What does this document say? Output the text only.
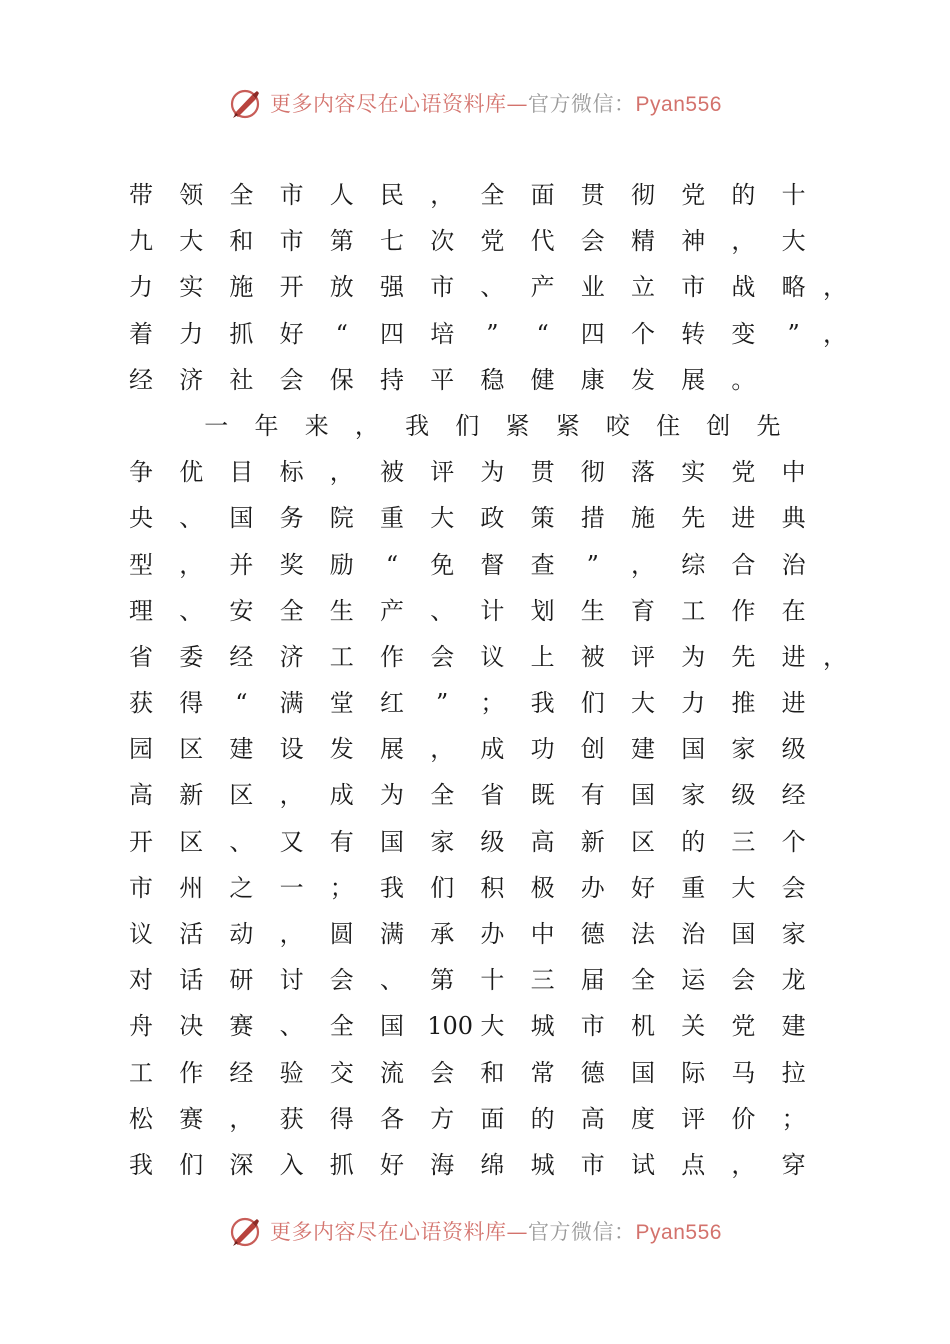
更多内容尽在心语资料库—官方微信：Pyan556
带 领 全 市 人 民 ， 全 面 贯 彻 党 的 十
九 大 和 市 第 七 次 党 代 会 精 神 ， 大
力 实 施 开 放 强 市 、 产 业 立 市 战 略 ，
着 力 抓 好	“	四 培	”	“	四 个 转 变	” ，
经 济 社 会 保 持 平 稳 健 康 发 展 。
一 年 来 ， 我 们 紧 紧 咬 住 创 先
争 优 目 标 ， 被 评 为 贯 彻 落 实 党 中
央 、 国 务 院 重 大 政 策 措 施 先 进 典
型 ， 并 奖 励	“	免 督 查	”	， 综 合 治
理 、 安 全 生 产 、 计 划 生 育 工 作 在
省 委 经 济 工 作 会 议 上 被 评 为 先 进 ，
获 得	“	满 堂 红	”	； 我 们 大 力 推 进
园 区 建 设 发 展 ， 成 功 创 建 国 家 级
高 新 区 ， 成 为 全 省 既 有 国 家 级 经
开 区 、 又 有 国 家 级 高 新 区 的 三 个
市 州 之 一 ； 我 们 积 极 办 好 重 大 会
议 活 动 ， 圆 满 承 办 中 德 法 治 国 家
对 话 研 讨 会 、 第 十 三 届 全 运 会 龙
舟 决 赛 、 全 国 100 大 城 市 机 关 党 建
工 作 经 验 交 流 会 和 常 德 国 际 马 拉
松 赛 ， 获 得 各 方 面 的 高 度 评 价 ；
我 们 深 入 抓 好 海 绵 城 市 试 点 ， 穿
更多内容尽在心语资料库—官方微信：Pyan556
